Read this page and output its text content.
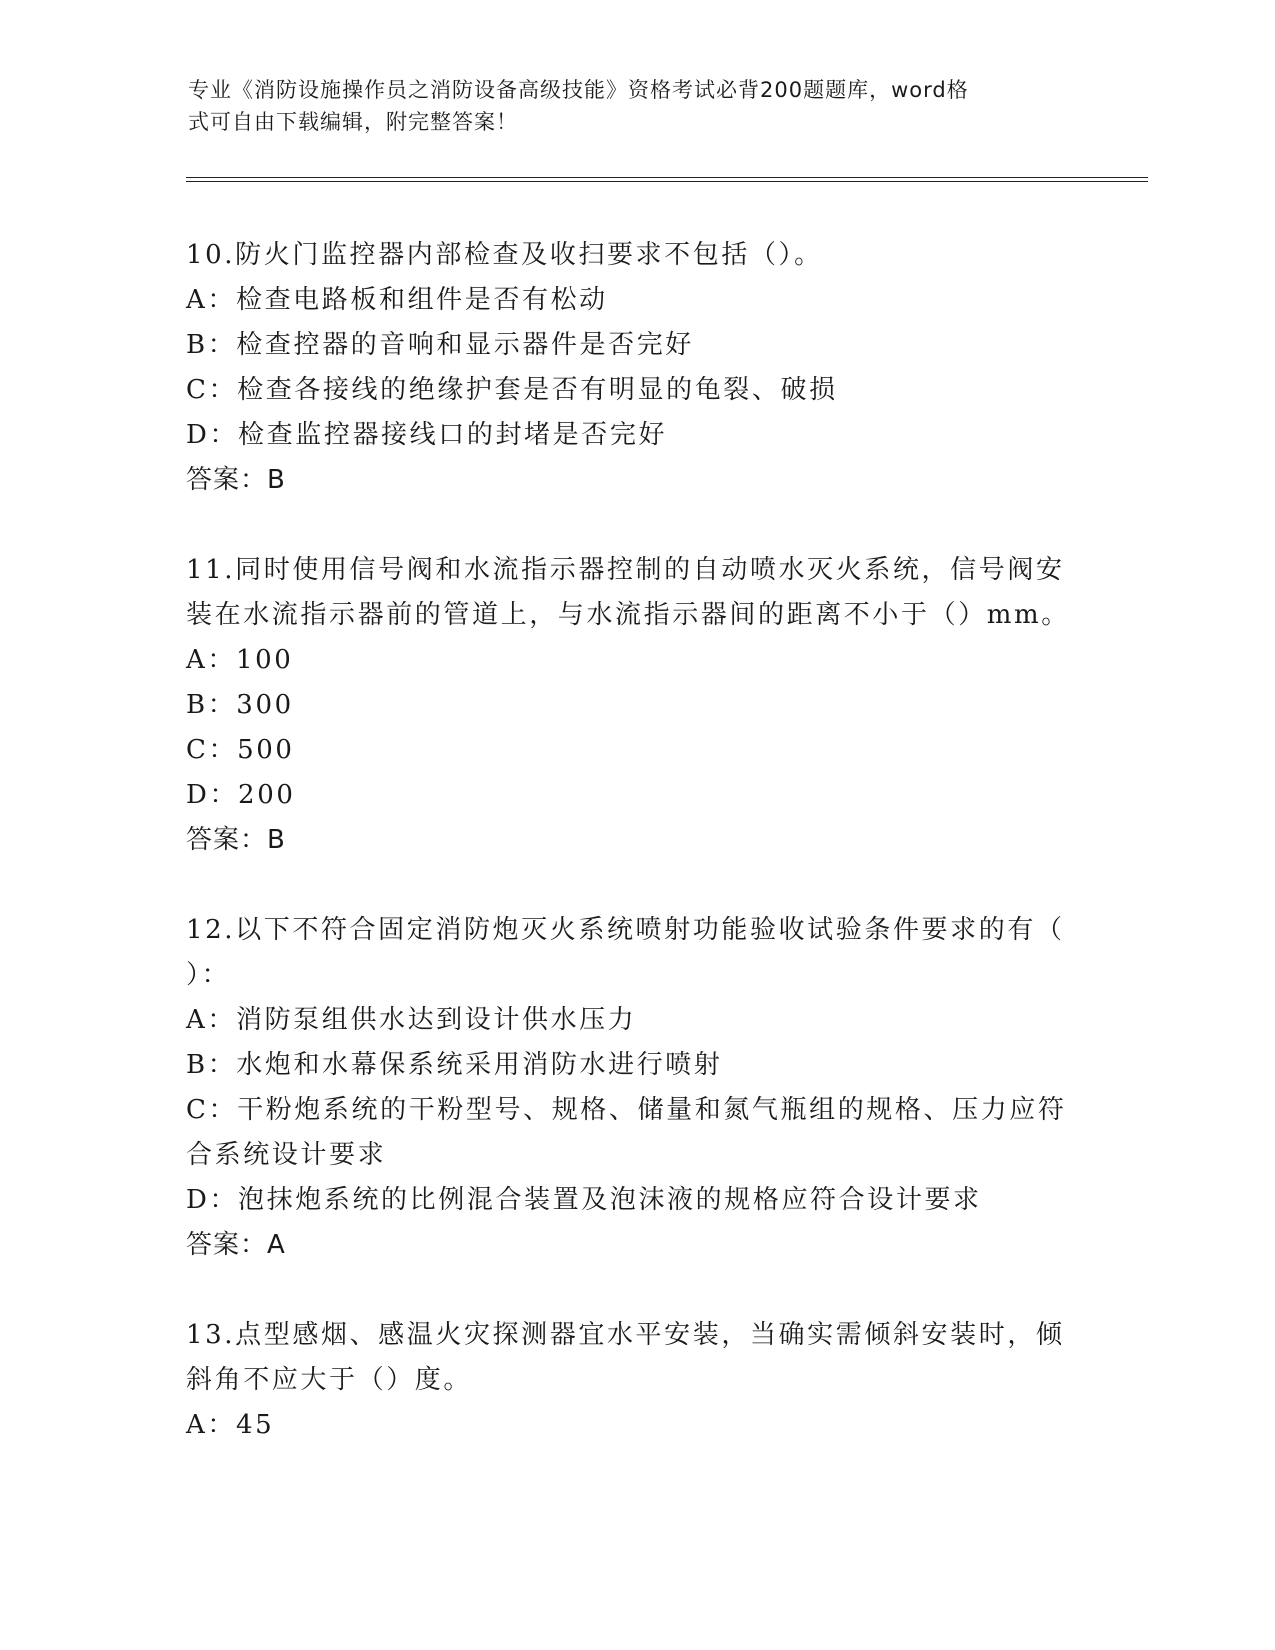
专业《消防设施操作员之消防设备高级技能》资格考试必背200题题库，word格
式可自由下载编辑，附完整答案！
10.防火门监控器内部检查及收扫要求不包括（）。
A：检查电路板和组件是否有松动
B：检查控器的音响和显示器件是否完好
C：检查各接线的绝缘护套是否有明显的龟裂、破损
D：检查监控器接线口的封堵是否完好
答案：B
11.同时使用信号阀和水流指示器控制的自动喷水灭火系统，信号阀安
装在水流指示器前的管道上，与水流指示器间的距离不小于（）mm。
A：100
B：300
C：500
D：200
答案：B
12.以下不符合固定消防炮灭火系统喷射功能验收试验条件要求的有（
）：
A：消防泵组供水达到设计供水压力
B：水炮和水幕保系统采用消防水进行喷射
C：干粉炮系统的干粉型号、规格、储量和氮气瓶组的规格、压力应符
合系统设计要求
D：泡抹炮系统的比例混合装置及泡沫液的规格应符合设计要求
答案：A
13.点型感烟、感温火灾探测器宜水平安装，当确实需倾斜安装时，倾
斜角不应大于（）度。
A：45
